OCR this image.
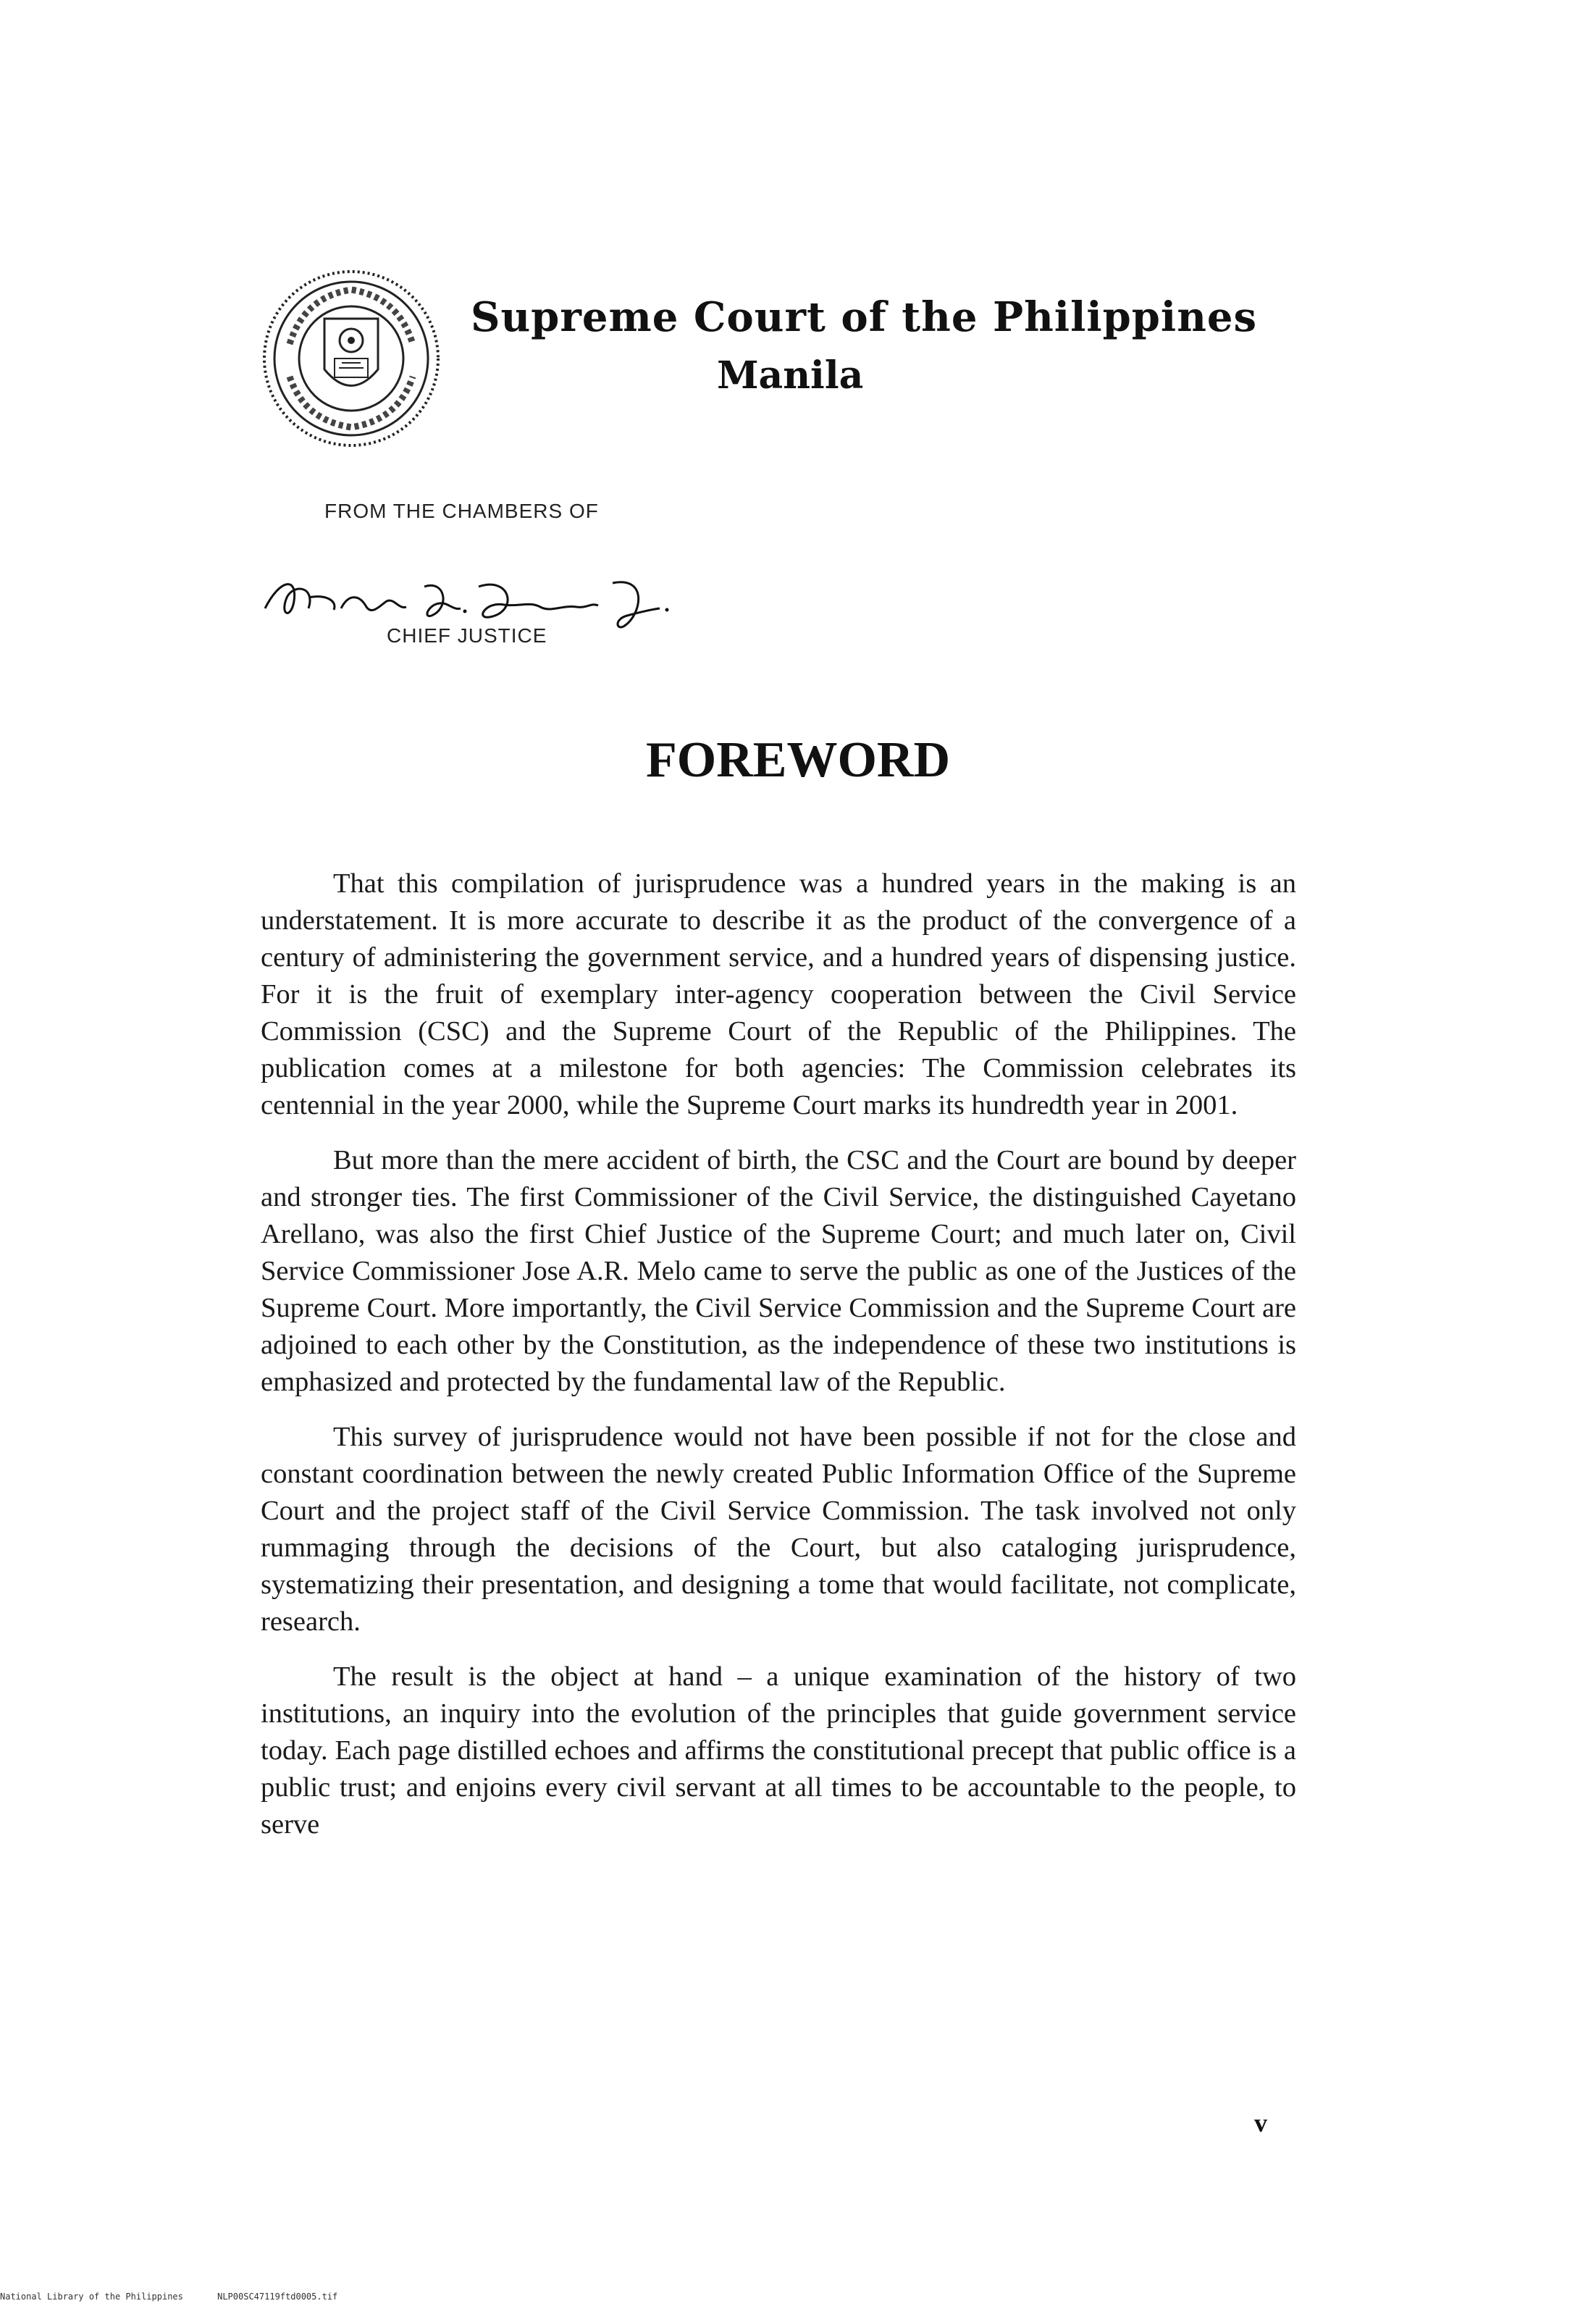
Supreme Court of the Philippines
Manila
FROM THE CHAMBERS OF
CHIEF JUSTICE
FOREWORD

That this compilation of jurisprudence was a hundred years in the making is an understatement. It is more accurate to describe it as the product of the convergence of a century of administering the government service, and a hundred years of dispensing justice. For it is the fruit of exemplary inter-agency cooperation between the Civil Service Commission (CSC) and the Supreme Court of the Republic of the Philippines. The publication comes at a milestone for both agencies: The Commission celebrates its centennial in the year 2000, while the Supreme Court marks its hundredth year in 2001.

But more than the mere accident of birth, the CSC and the Court are bound by deeper and stronger ties. The first Commissioner of the Civil Service, the distinguished Cayetano Arellano, was also the first Chief Justice of the Supreme Court; and much later on, Civil Service Commissioner Jose A.R. Melo came to serve the public as one of the Justices of the Supreme Court. More importantly, the Civil Service Commission and the Supreme Court are adjoined to each other by the Constitution, as the independence of these two institutions is emphasized and protected by the fundamental law of the Republic.

This survey of jurisprudence would not have been possible if not for the close and constant coordination between the newly created Public Information Office of the Supreme Court and the project staff of the Civil Service Commission. The task involved not only rummaging through the decisions of the Court, but also cataloging jurisprudence, systematizing their presentation, and designing a tome that would facilitate, not complicate, research.

The result is the object at hand – a unique examination of the history of two institutions, an inquiry into the evolution of the principles that guide government service today. Each page distilled echoes and affirms the constitutional precept that public office is a public trust; and enjoins every civil servant at all times to be accountable to the people, to serve

v
National Library of the Philippines	NLP00SC47119ftd0005.tif
